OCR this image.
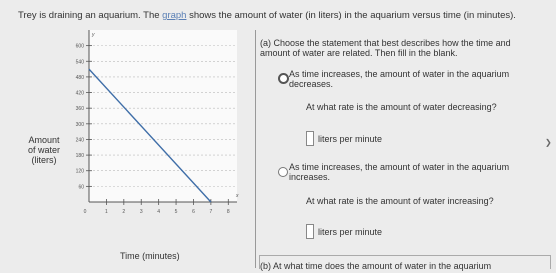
Trey is draining an aquarium. The graph shows the amount of water (in liters) in the aquarium versus time (in minutes).
60
120
180
240
300
360
420
480
540
600
1	2	3	4	5	6	7	8
0
y
x
Amount of water (liters)
Time (minutes)
(a) Choose the statement that best describes how the time and amount of water are related. Then fill in the blank.
As time increases, the amount of water in the aquarium decreases.
At what rate is the amount of water decreasing?
liters per minute
As time increases, the amount of water in the aquarium increases.
At what rate is the amount of water increasing?
liters per minute
(b) At what time does the amount of water in the aquarium
❯
